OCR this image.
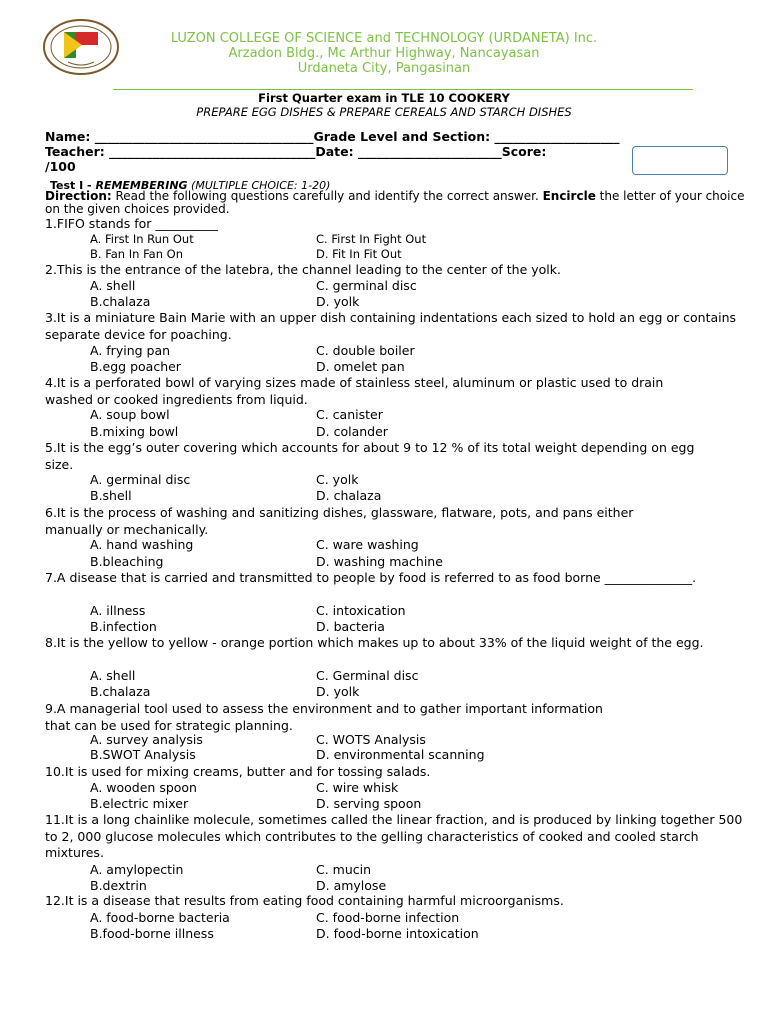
LUZON COLLEGE OF SCIENCE and TECHNOLOGY (URDANETA) Inc.
Arzadon Bldg., Mc Arthur Highway, Nancayasan
Urdaneta City, Pangasinan
First Quarter exam in TLE 10 COOKERY
PREPARE EGG DISHES & PREPARE CEREALS AND STARCH DISHES
Name: ___________________________________Grade Level and Section: ____________________
Teacher: _________________________________Date: _______________________Score:
/100
Test I - REMEMBERING (MULTIPLE CHOICE: 1-20)
Direction: Read the following questions carefully and identify the correct answer. Encircle the letter of your choice on the given choices provided.
1.FIFO stands for __________
A. First In Run Out	C. First In Fight Out
B. Fan In Fan On	D. Fit In Fit Out
2.This is the entrance of the latebra, the channel leading to the center of the yolk.
A. shell	C. germinal disc
B.chalaza	D. yolk
3.It is a miniature Bain Marie with an upper dish containing indentations each sized to hold an egg or contains separate device for poaching.
A. frying pan	C. double boiler
B.egg poacher	D. omelet pan
4.It is a perforated bowl of varying sizes made of stainless steel, aluminum or plastic used to drain washed or cooked ingredients from liquid.
A. soup bowl	C. canister
B.mixing bowl	D. colander
5.It is the egg’s outer covering which accounts for about 9 to 12 % of its total weight depending on egg size.
A. germinal disc	C. yolk
B.shell	D. chalaza
6.It is the process of washing and sanitizing dishes, glassware, flatware, pots, and pans either manually or mechanically.
A. hand washing	C. ware washing
B.bleaching	D. washing machine
7.A disease that is carried and transmitted to people by food is referred to as food borne ______________.
A. illness	C. intoxication
B.infection	D. bacteria
8.It is the yellow to yellow - orange portion which makes up to about 33% of the liquid weight of the egg.
A. shell	C. Germinal disc
B.chalaza	D. yolk
9.A managerial tool used to assess the environment and to gather important information that can be used for strategic planning.
A. survey analysis	C. WOTS Analysis
B.SWOT Analysis	D. environmental scanning
10.It is used for mixing creams, butter and for tossing salads.
A. wooden spoon	C. wire whisk
B.electric mixer	D. serving spoon
11.It is a long chainlike molecule, sometimes called the linear fraction, and is produced by linking together 500 to 2, 000 glucose molecules which contributes to the gelling characteristics of cooked and cooled starch mixtures.
A. amylopectin	C. mucin
B.dextrin	D. amylose
12.It is a disease that results from eating food containing harmful microorganisms.
A. food-borne bacteria	C. food-borne infection
B.food-borne illness	D. food-borne intoxication
